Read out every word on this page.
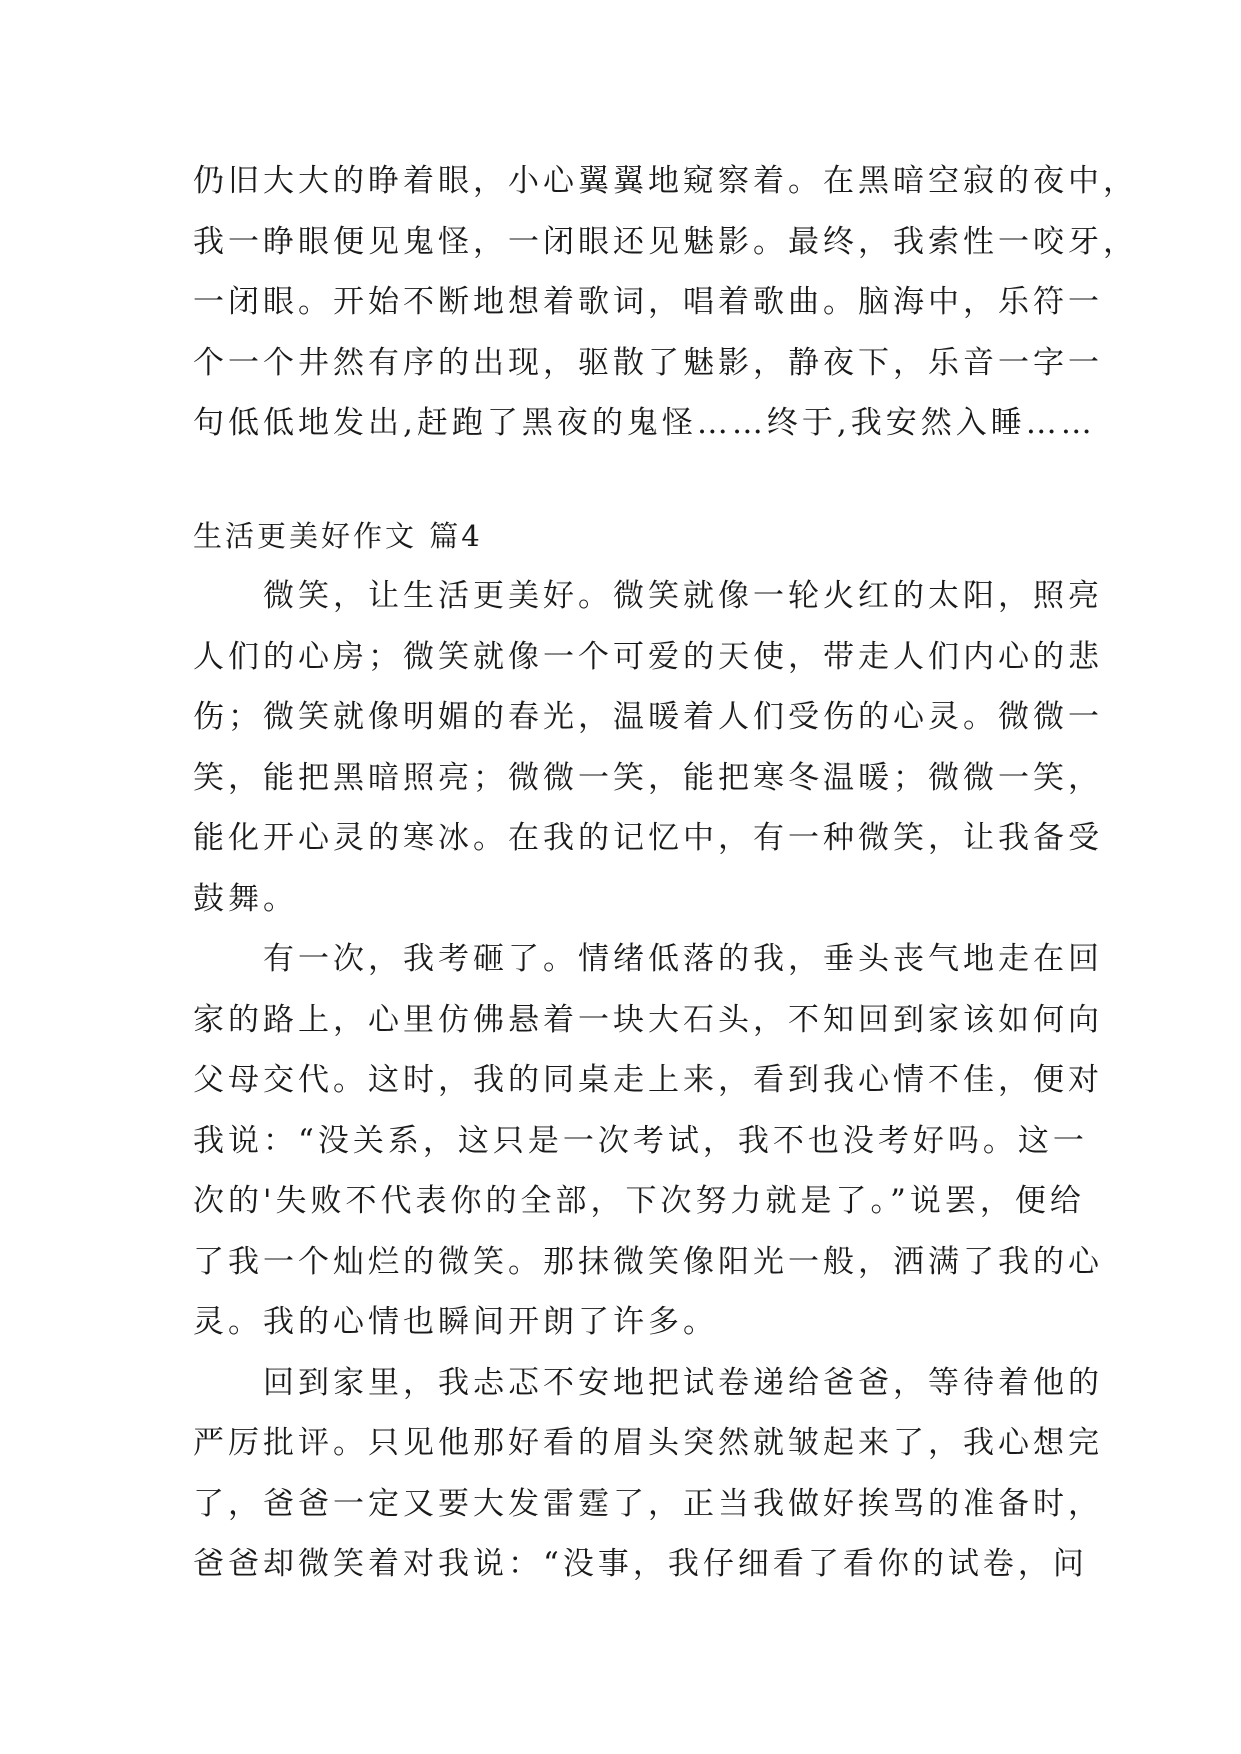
仍旧大大的睁着眼，小心翼翼地窥察着。在黑暗空寂的夜中，
我一睁眼便见鬼怪，一闭眼还见魅影。最终，我索性一咬牙，
一闭眼。开始不断地想着歌词，唱着歌曲。脑海中，乐符一
个一个井然有序的出现，驱散了魅影，静夜下，乐音一字一
句低低地发出,赶跑了黑夜的鬼怪……终于,我安然入睡……
生活更美好作文 篇4
　　微笑，让生活更美好。微笑就像一轮火红的太阳，照亮
人们的心房；微笑就像一个可爱的天使，带走人们内心的悲
伤；微笑就像明媚的春光，温暖着人们受伤的心灵。微微一
笑，能把黑暗照亮；微微一笑，能把寒冬温暖；微微一笑，
能化开心灵的寒冰。在我的记忆中，有一种微笑，让我备受
鼓舞。
　　有一次，我考砸了。情绪低落的我，垂头丧气地走在回
家的路上，心里仿佛悬着一块大石头，不知回到家该如何向
父母交代。这时，我的同桌走上来，看到我心情不佳，便对
我说：“没关系，这只是一次考试，我不也没考好吗。这一
次的'失败不代表你的全部，下次努力就是了。”说罢，便给
了我一个灿烂的微笑。那抹微笑像阳光一般，洒满了我的心
灵。我的心情也瞬间开朗了许多。
　　回到家里，我忐忑不安地把试卷递给爸爸，等待着他的
严厉批评。只见他那好看的眉头突然就皱起来了，我心想完
了，爸爸一定又要大发雷霆了，正当我做好挨骂的准备时，
爸爸却微笑着对我说：“没事，我仔细看了看你的试卷，问
